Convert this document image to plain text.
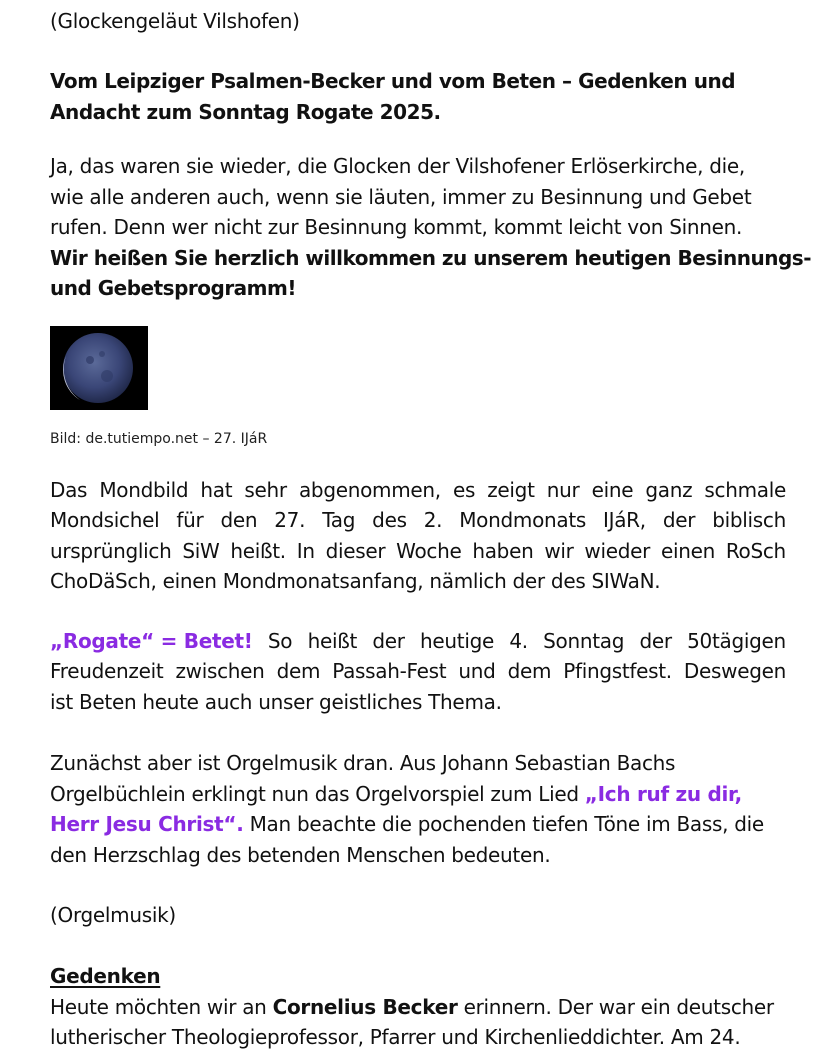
(Glockengeläut Vilshofen)
Vom Leipziger Psalmen-Becker und vom Beten – Gedenken und
Andacht zum Sonntag Rogate 2025.
Ja, das waren sie wieder, die Glocken der Vilshofener Erlöserkirche, die,
wie alle anderen auch, wenn sie läuten, immer zu Besinnung und Gebet
rufen. Denn wer nicht zur Besinnung kommt, kommt leicht von Sinnen.
Wir heißen Sie herzlich willkommen zu unserem heutigen Besinnungs-
und Gebetsprogramm!
Bild: de.tutiempo.net – 27. IJáR
Das Mondbild hat sehr abgenommen, es zeigt nur eine ganz schmale
Mondsichel für den 27. Tag des 2. Mondmonats IJáR, der biblisch
ursprünglich SiW heißt. In dieser Woche haben wir wieder einen RoSch
ChoDäSch, einen Mondmonatsanfang, nämlich der des SIWaN.
„Rogate“ = Betet! So heißt der heutige 4. Sonntag der 50tägigen
Freudenzeit zwischen dem Passah-Fest und dem Pfingstfest. Deswegen
ist Beten heute auch unser geistliches Thema.
Zunächst aber ist Orgelmusik dran. Aus Johann Sebastian Bachs
Orgelbüchlein erklingt nun das Orgelvorspiel zum Lied „Ich ruf zu dir,
Herr Jesu Christ“. Man beachte die pochenden tiefen Töne im Bass, die
den Herzschlag des betenden Menschen bedeuten.
(Orgelmusik)
Gedenken
Heute möchten wir an Cornelius Becker erinnern. Der war ein deutscher
lutherischer Theologieprofessor, Pfarrer und Kirchenlieddichter. Am 24.
